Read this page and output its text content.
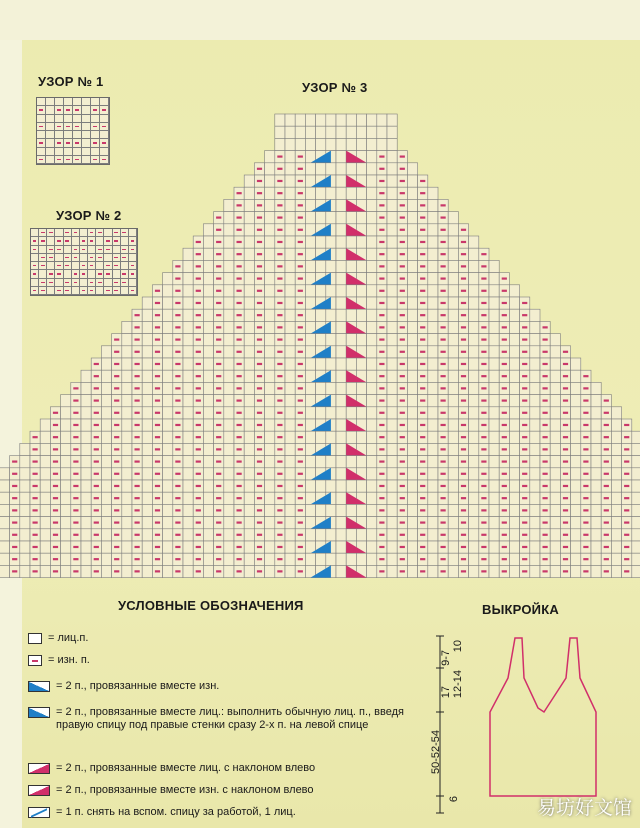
УЗОР № 1
УЗОР № 2
УЗОР № 3
УСЛОВНЫЕ ОБОЗНАЧЕНИЯ
= лиц.п.
= изн. п.
= 2 п., провязанные вместе изн.
= 2 п., провязанные вместе лиц.: выполнить обычную лиц. п., введя правую спицу под правые стенки сразу 2-х п. на левой спице
= 2 п., провязанные вместе лиц. с наклоном влево
= 2 п., провязанные вместе изн. с наклоном влево
= 1 п. снять на вспом. спицу за работой, 1 лиц.
ВЫКРОЙКА
10
9-7
12-14
17
50-52-54
6	易坊好文馆
